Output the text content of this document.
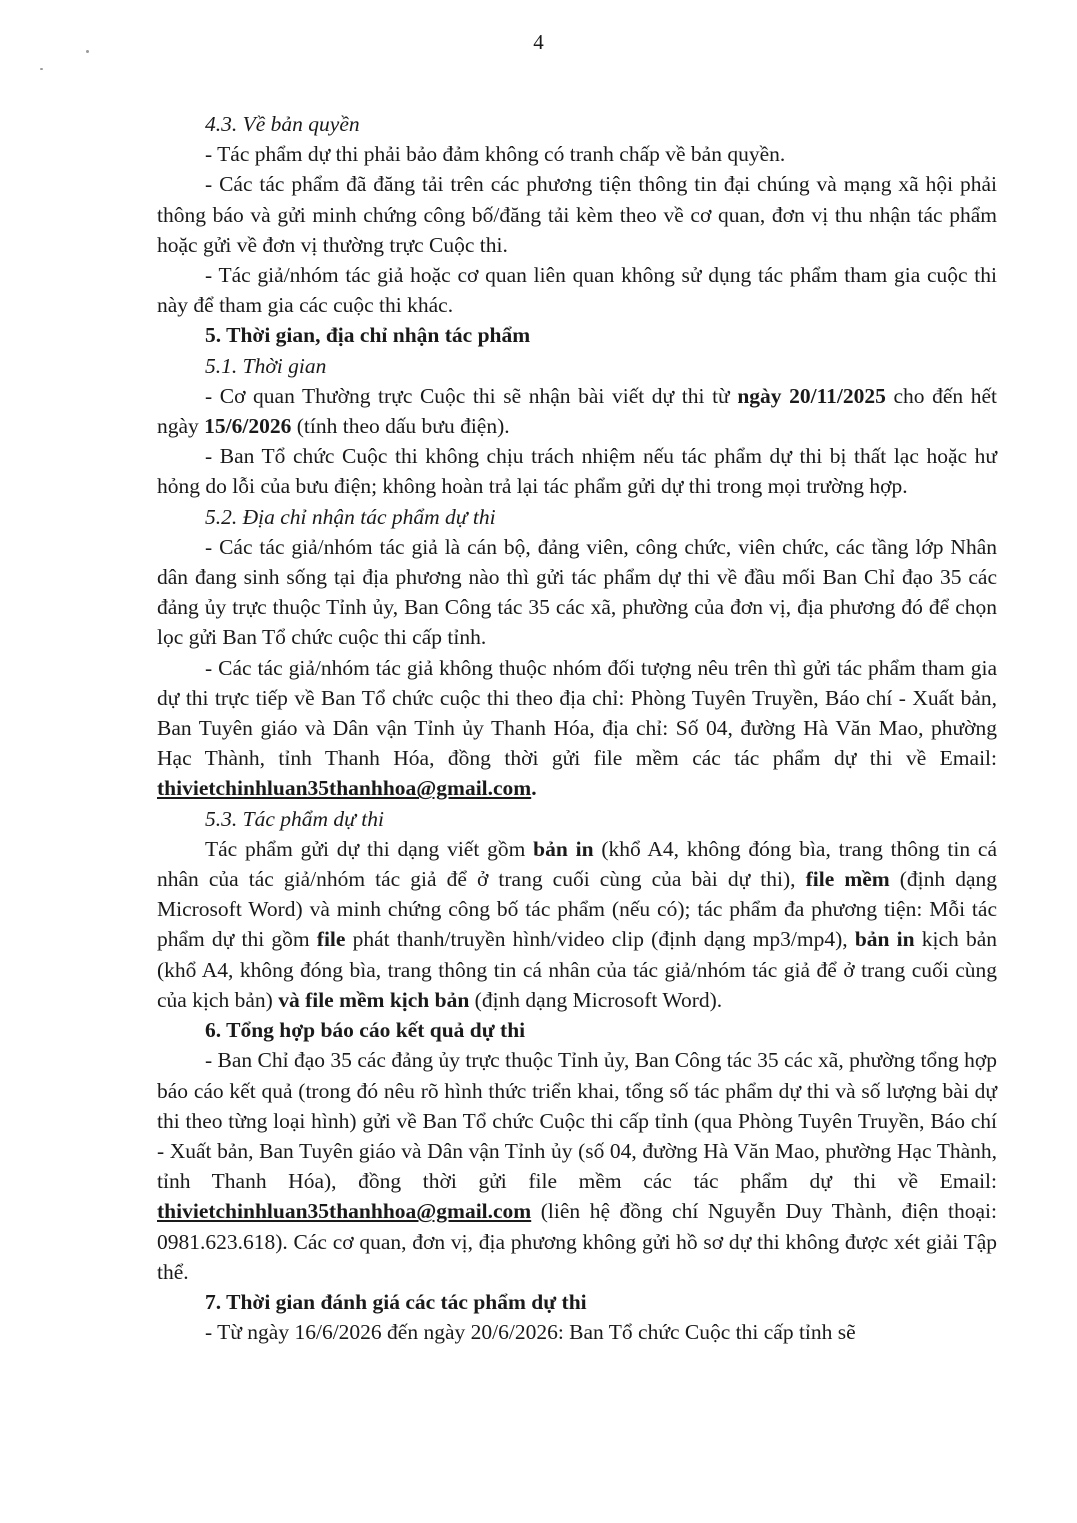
4

4.3. Về bản quyền

- Tác phẩm dự thi phải bảo đảm không có tranh chấp về bản quyền.

- Các tác phẩm đã đăng tải trên các phương tiện thông tin đại chúng và mạng xã hội phải thông báo và gửi minh chứng công bố/đăng tải kèm theo về cơ quan, đơn vị thu nhận tác phẩm hoặc gửi về đơn vị thường trực Cuộc thi.

- Tác giả/nhóm tác giả hoặc cơ quan liên quan không sử dụng tác phẩm tham gia cuộc thi này để tham gia các cuộc thi khác.

5. Thời gian, địa chỉ nhận tác phẩm

5.1. Thời gian

- Cơ quan Thường trực Cuộc thi sẽ nhận bài viết dự thi từ ngày 20/11/2025 cho đến hết ngày 15/6/2026 (tính theo dấu bưu điện).

- Ban Tổ chức Cuộc thi không chịu trách nhiệm nếu tác phẩm dự thi bị thất lạc hoặc hư hỏng do lỗi của bưu điện; không hoàn trả lại tác phẩm gửi dự thi trong mọi trường hợp.

5.2. Địa chỉ nhận tác phẩm dự thi

- Các tác giả/nhóm tác giả là cán bộ, đảng viên, công chức, viên chức, các tầng lớp Nhân dân đang sinh sống tại địa phương nào thì gửi tác phẩm dự thi về đầu mối Ban Chỉ đạo 35 các đảng ủy trực thuộc Tỉnh ủy, Ban Công tác 35 các xã, phường của đơn vị, địa phương đó để chọn lọc gửi Ban Tổ chức cuộc thi cấp tỉnh.

- Các tác giả/nhóm tác giả không thuộc nhóm đối tượng nêu trên thì gửi tác phẩm tham gia dự thi trực tiếp về Ban Tổ chức cuộc thi theo địa chỉ: Phòng Tuyên Truyền, Báo chí - Xuất bản, Ban Tuyên giáo và Dân vận Tỉnh ủy Thanh Hóa, địa chỉ: Số 04, đường Hà Văn Mao, phường Hạc Thành, tỉnh Thanh Hóa, đồng thời gửi file mềm các tác phẩm dự thi về Email: thivietchinhluan35thanhhoa@gmail.com.

5.3. Tác phẩm dự thi

Tác phẩm gửi dự thi dạng viết gồm bản in (khổ A4, không đóng bìa, trang thông tin cá nhân của tác giả/nhóm tác giả để ở trang cuối cùng của bài dự thi), file mềm (định dạng Microsoft Word) và minh chứng công bố tác phẩm (nếu có); tác phẩm đa phương tiện: Mỗi tác phẩm dự thi gồm file phát thanh/truyền hình/video clip (định dạng mp3/mp4), bản in kịch bản (khổ A4, không đóng bìa, trang thông tin cá nhân của tác giả/nhóm tác giả để ở trang cuối cùng của kịch bản) và file mềm kịch bản (định dạng Microsoft Word).

6. Tổng hợp báo cáo kết quả dự thi

- Ban Chỉ đạo 35 các đảng ủy trực thuộc Tỉnh ủy, Ban Công tác 35 các xã, phường tổng hợp báo cáo kết quả (trong đó nêu rõ hình thức triển khai, tổng số tác phẩm dự thi và số lượng bài dự thi theo từng loại hình) gửi về Ban Tổ chức Cuộc thi cấp tỉnh (qua Phòng Tuyên Truyền, Báo chí - Xuất bản, Ban Tuyên giáo và Dân vận Tỉnh ủy (số 04, đường Hà Văn Mao, phường Hạc Thành, tỉnh Thanh Hóa), đồng thời gửi file mềm các tác phẩm dự thi về Email: thivietchinhluan35thanhhoa@gmail.com (liên hệ đồng chí Nguyễn Duy Thành, điện thoại: 0981.623.618). Các cơ quan, đơn vị, địa phương không gửi hồ sơ dự thi không được xét giải Tập thể.

7. Thời gian đánh giá các tác phẩm dự thi

- Từ ngày 16/6/2026 đến ngày 20/6/2026: Ban Tổ chức Cuộc thi cấp tỉnh sẽ
